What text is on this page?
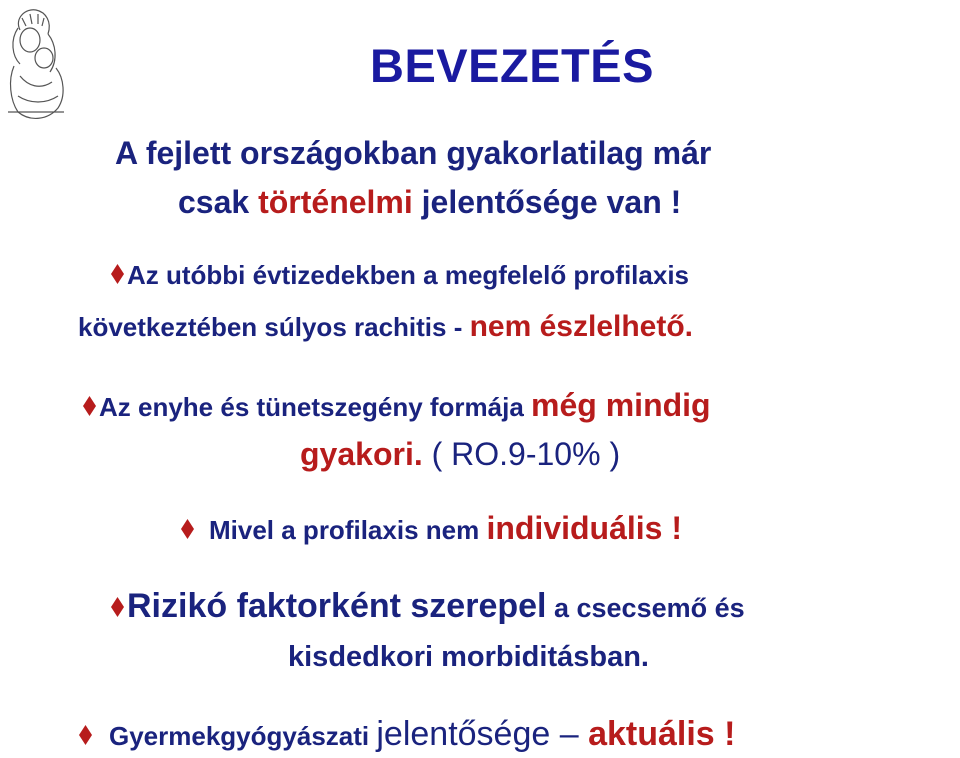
BEVEZETÉS
A fejlett országokban gyakorlatilag már
csak történelmi jelentősége van !
Az utóbbi évtizedekben a megfelelő profilaxis
következtében súlyos rachitis - nem észlelhető.
Az enyhe és tünetszegény formája még mindig
gyakori. ( RO.9-10% )
Mivel a profilaxis nem individuális !
Rizikó faktorként szerepel a csecsemő és
kisdedkori morbiditásban.
Gyermekgyógyászati jelentősége – aktuális !
